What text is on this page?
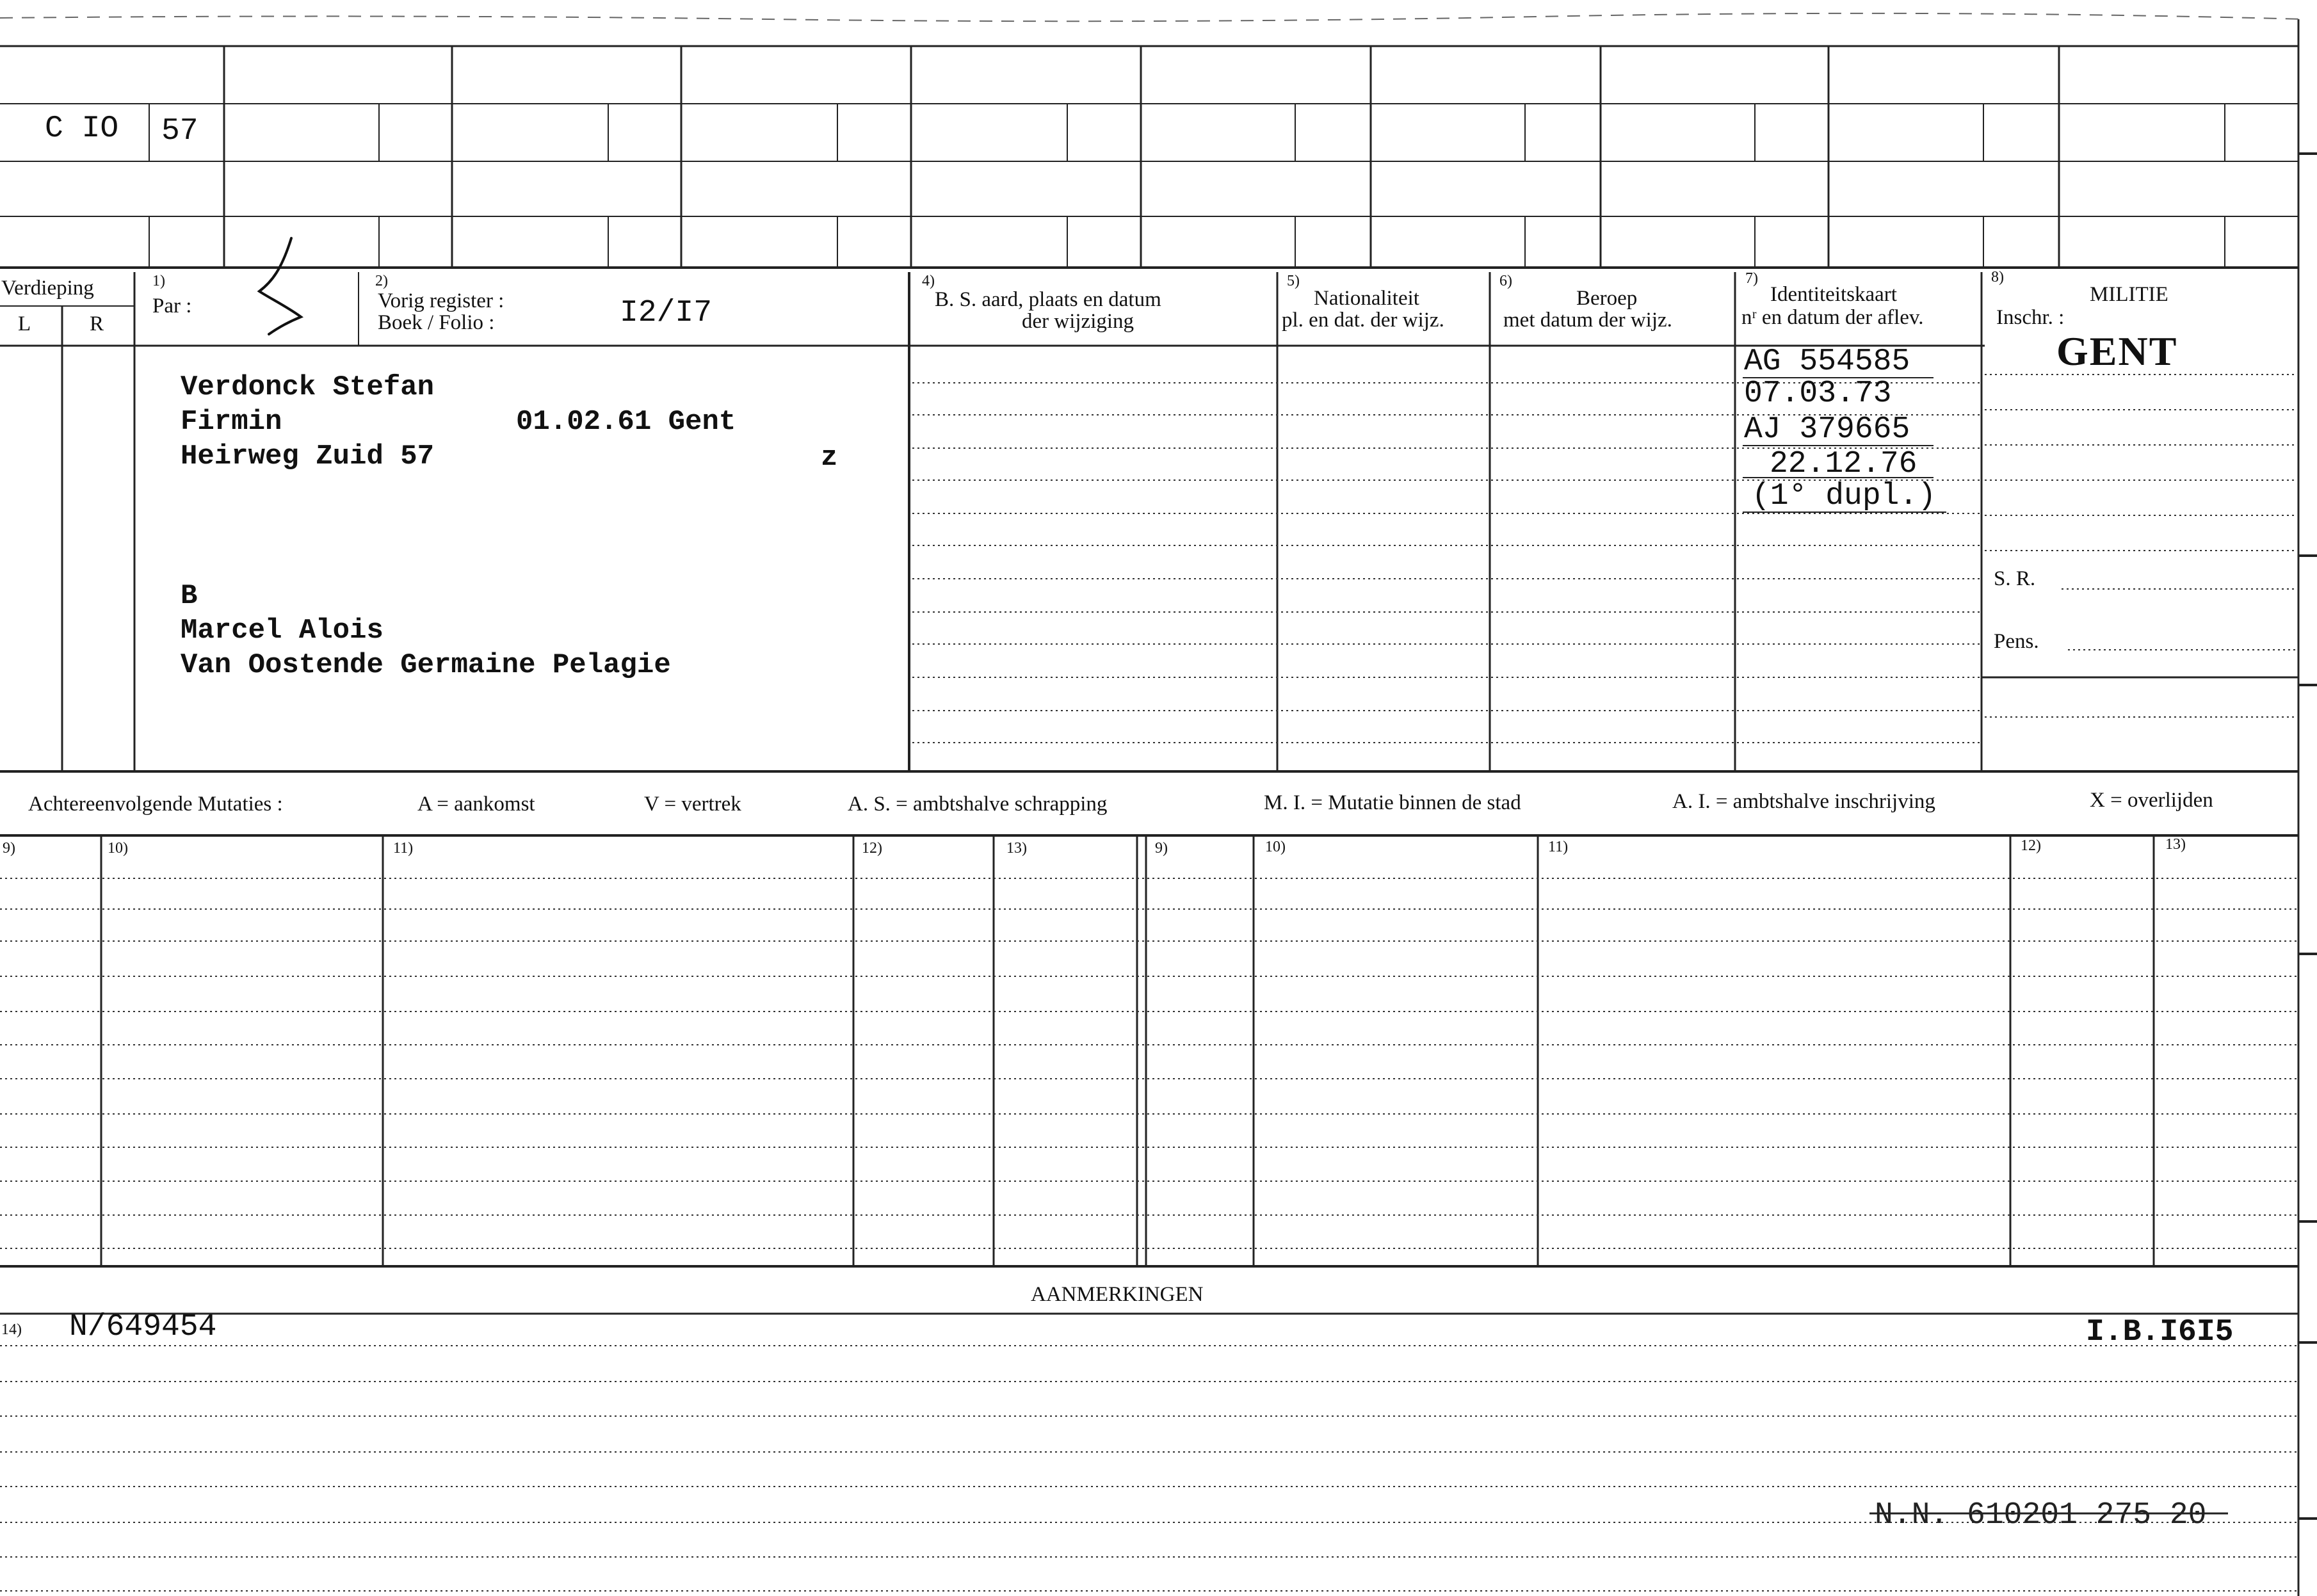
C IO 57
Verdieping
L	R
1)
Par :
2)
Vorig register :
Boek / Folio :	I2/I7
4)
B. S. aard, plaats en datum
der wijziging
5)
Nationaliteit
pl. en dat. der wijz.
6)
Beroep
met datum der wijz.
7)
Identiteitskaart
nʳ en datum der aflev.
8)
MILITIE
Inschr. :
GENT
S. R.
Pens.
Verdonck Stefan
Firmin	01.02.61 Gent
Heirweg Zuid 57	z
B
Marcel Alois
Van Oostende Germaine Pelagie
AG 554585
07.03.73
AJ 379665
22.12.76
(1° dupl.)
Achtereenvolgende Mutaties :	A = aankomst	V = vertrek	A. S. = ambtshalve schrapping	M. I. = Mutatie binnen de stad	A. I. = ambtshalve inschrijving	X = overlijden
9)	10)	11)	12)	13)	9)	10)	11)	12)	13)
AANMERKINGEN
14) N/649454	I.B.I6I5
N.N. 610201 275 20
